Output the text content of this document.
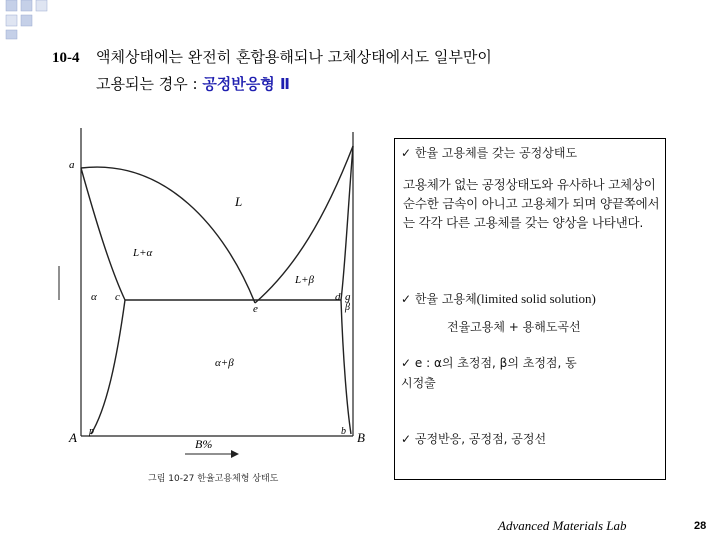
10-4 액체상태에는 완전히 혼합용해되나 고체상태에서도 일부만이
고용되는 경우 : 공정반응형 Ⅱ
a
L
L+α
L+β
α c
e
d g
β
α+β
b
A p
B%	B
그림 10-27 한율고용체형 상태도
✓ 한율 고용체를 갖는 공정상태도
고용체가 없는 공정상태도와 유사하나 고체상이 순수한 금속이 아니고 고용체가 되며 양끝쪽에서는 각각 다른 고용체를 갖는 양상을 나타낸다.
✓ 한율 고용체(limited solid solution)
전율고용체 + 용해도곡선
✓ e : α의 초정점, β의 초정점, 동
시정출
✓ 공정반응, 공정점, 공정선
Advanced Materials Lab	28
